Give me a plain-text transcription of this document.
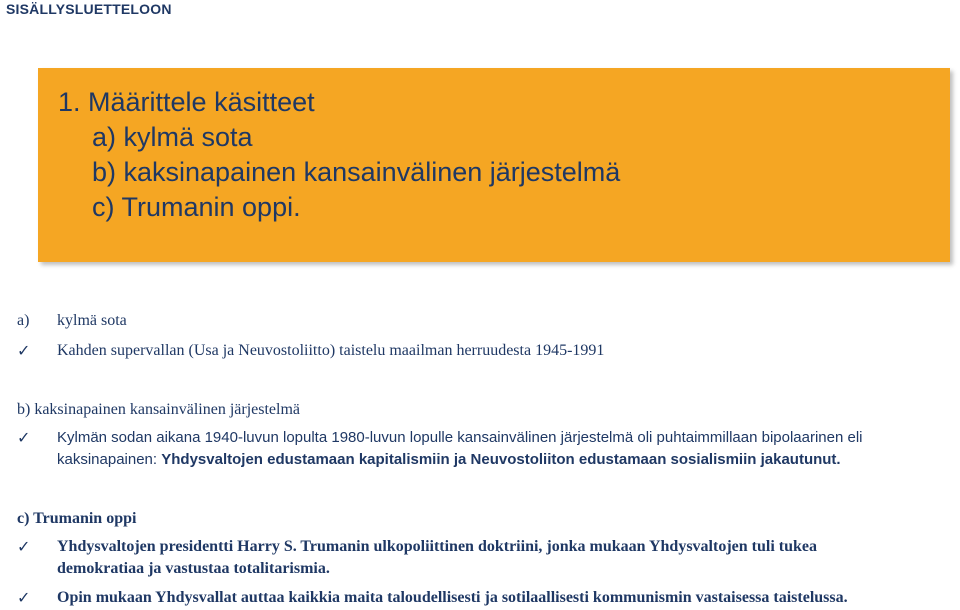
SISÄLLYSLUETTELOON
1. Määrittele käsitteet
a) kylmä sota
b) kaksinapainen kansainvälinen järjestelmä
c) Trumanin oppi.
a) kylmä sota
✓ Kahden supervallan (Usa ja Neuvostoliitto) taistelu maailman herruudesta 1945-1991
b) kaksinapainen kansainvälinen järjestelmä
✓ Kylmän sodan aikana 1940-luvun lopulta 1980-luvun lopulle kansainvälinen järjestelmä oli puhtaimmillaan bipolaarinen eli
kaksinapainen: Yhdysvaltojen edustamaan kapitalismiin ja Neuvostoliiton edustamaan sosialismiin jakautunut.
c) Trumanin oppi
✓ Yhdysvaltojen presidentti Harry S. Trumanin ulkopoliittinen doktriini, jonka mukaan Yhdysvaltojen tuli tukea
demokratiaa ja vastustaa totalitarismia.
✓ Opin mukaan Yhdysvallat auttaa kaikkia maita taloudellisesti ja sotilaallisesti kommunismin vastaisessa taistelussa.
